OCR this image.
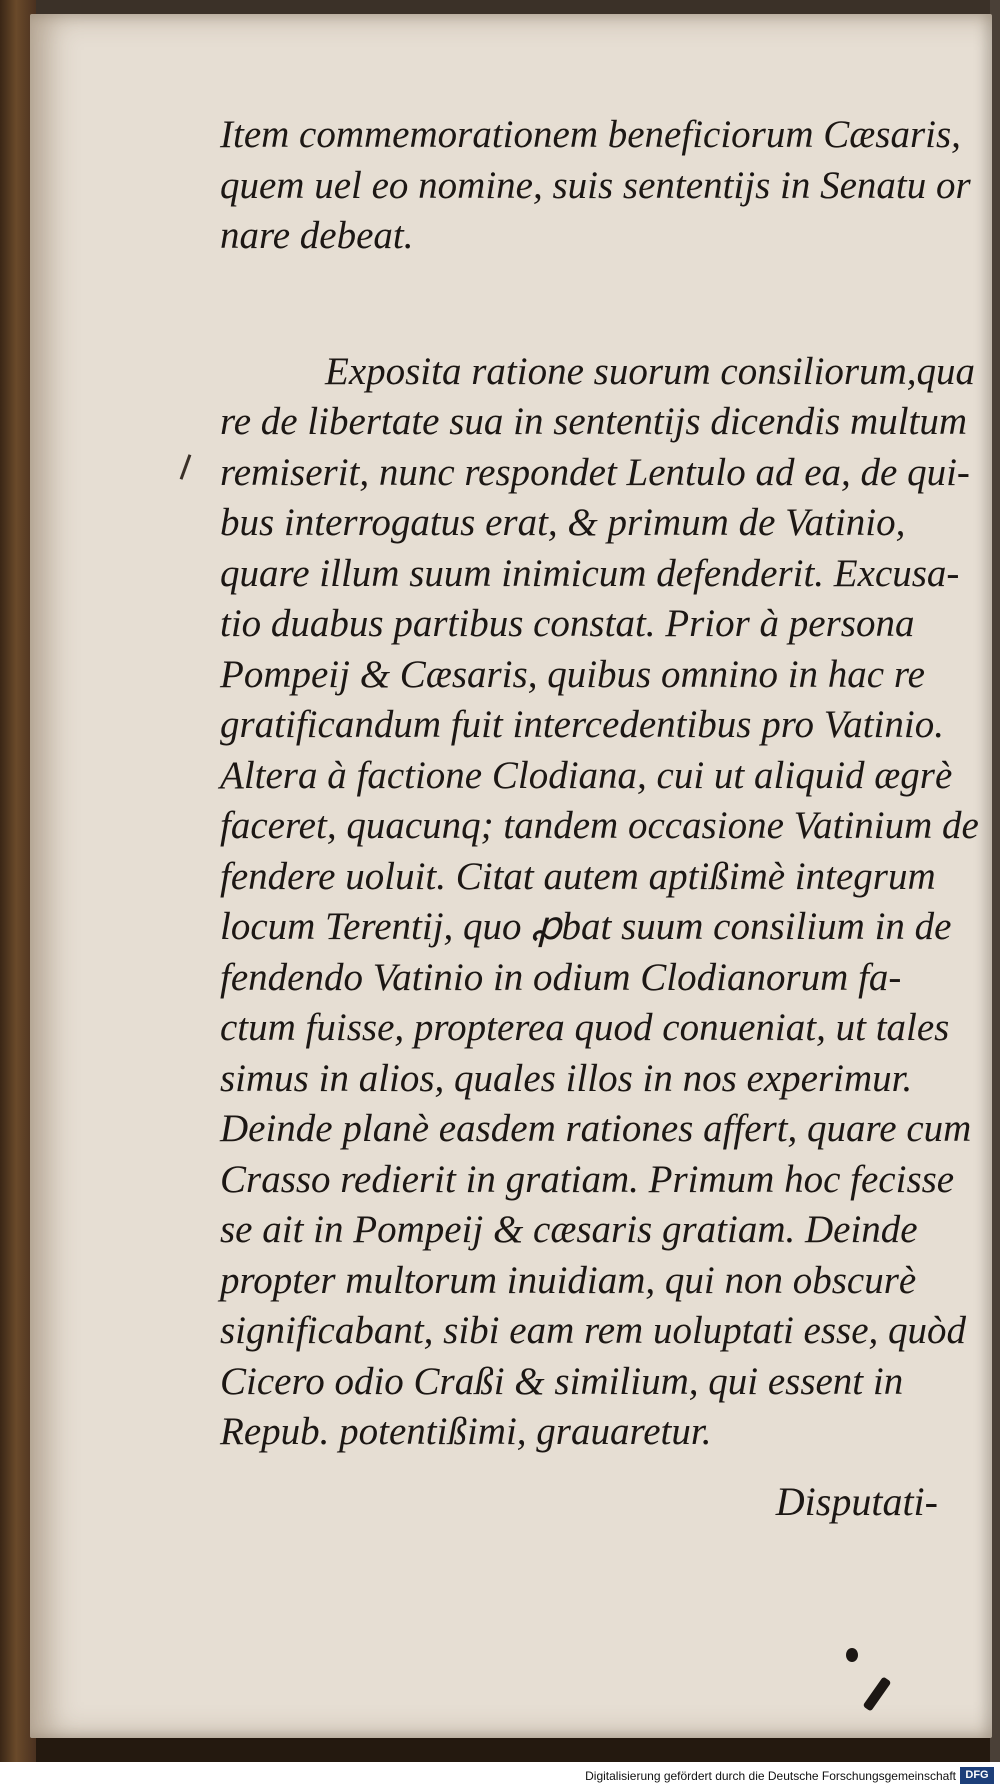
Item commemorationem beneficiorum Cæsaris,
quem uel eo nomine, suis sententijs in Senatu or
nare debeat.
Exposita ratione suorum consiliorum,qua
re de libertate sua in sententijs dicendis multum
remiserit, nunc respondet Lentulo ad ea, de qui-
bus interrogatus erat, & primum de Vatinio,
quare illum suum inimicum defenderit. Excusa-
tio duabus partibus constat. Prior à persona
Pompeij & Cæsaris, quibus omnino in hac re
gratificandum fuit intercedentibus pro Vatinio.
Altera à factione Clodiana, cui ut aliquid ægrè
faceret, quacunq; tandem occasione Vatinium de
fendere uoluit. Citat autem aptißimè integrum
locum Terentij, quo ꝓbat suum consilium in de
fendendo Vatinio in odium Clodianorum fa-
ctum fuisse, propterea quod conueniat, ut tales
simus in alios, quales illos in nos experimur.
Deinde planè easdem rationes affert, quare cum
Crasso redierit in gratiam. Primum hoc fecisse
se ait in Pompeij & cæsaris gratiam. Deinde
propter multorum inuidiam, qui non obscurè
significabant, sibi eam rem uoluptati esse, quòd
Cicero odio Craßi & similium, qui essent in
Repub. potentißimi, grauaretur.
Disputati-
Digitalisierung gefördert durch die Deutsche Forschungsgemeinschaft DFG
